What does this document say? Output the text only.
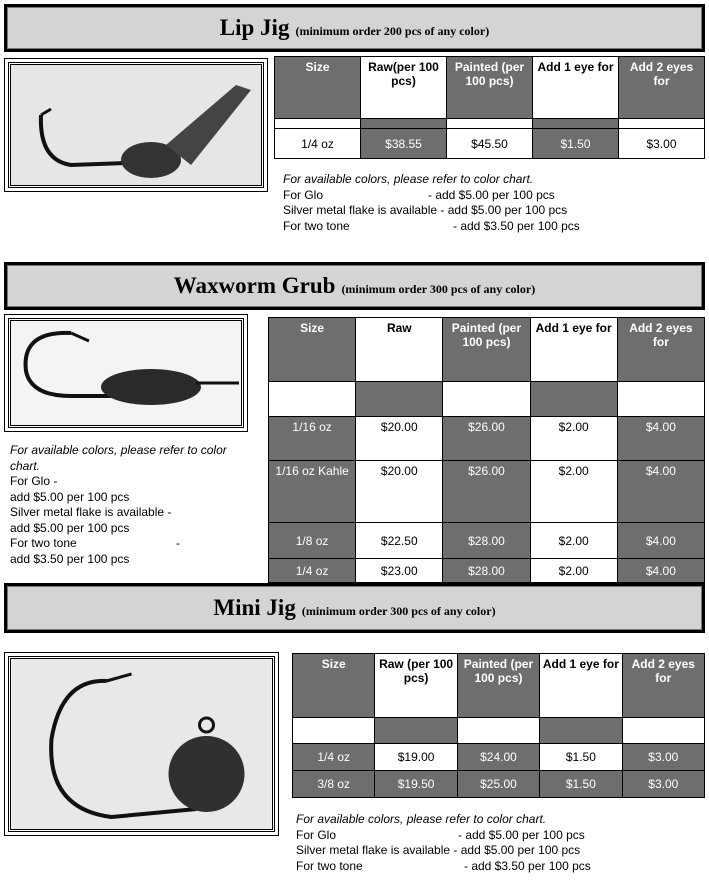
Lip Jig (minimum order 200 pcs of any color)
Size	Raw(per 100 pcs)	Painted (per 100 pcs)	Add 1 eye for	Add 2 eyes for

1/4 oz	$38.55	$45.50	$1.50	$3.00
For available colors, please refer to color chart.
For Glo	- add $5.00 per 100 pcs
Silver metal flake is available - add $5.00 per 100 pcs
For two tone	- add $3.50 per 100 pcs
Waxworm Grub (minimum order 300 pcs of any color)
Size	Raw	Painted (per 100 pcs)	Add 1 eye for	Add 2 eyes for

1/16 oz	$20.00	$26.00	$2.00	$4.00
1/16 oz Kahle	$20.00	$26.00	$2.00	$4.00
1/8 oz	$22.50	$28.00	$2.00	$4.00
1/4 oz	$23.00	$28.00	$2.00	$4.00
For available colors, please refer to color chart.
For Glo -
add $5.00 per 100 pcs
Silver metal flake is available -
add $5.00 per 100 pcs
For two tone	-
add $3.50 per 100 pcs
Mini Jig (minimum order 300 pcs of any color)
Size	Raw (per 100 pcs)	Painted (per 100 pcs)	Add 1 eye for	Add 2 eyes for

1/4 oz	$19.00	$24.00	$1.50	$3.00
3/8 oz	$19.50	$25.00	$1.50	$3.00
For available colors, please refer to color chart.
For Glo	- add $5.00 per 100 pcs
Silver metal flake is available - add $5.00 per 100 pcs
For two tone	- add $3.50 per 100 pcs
